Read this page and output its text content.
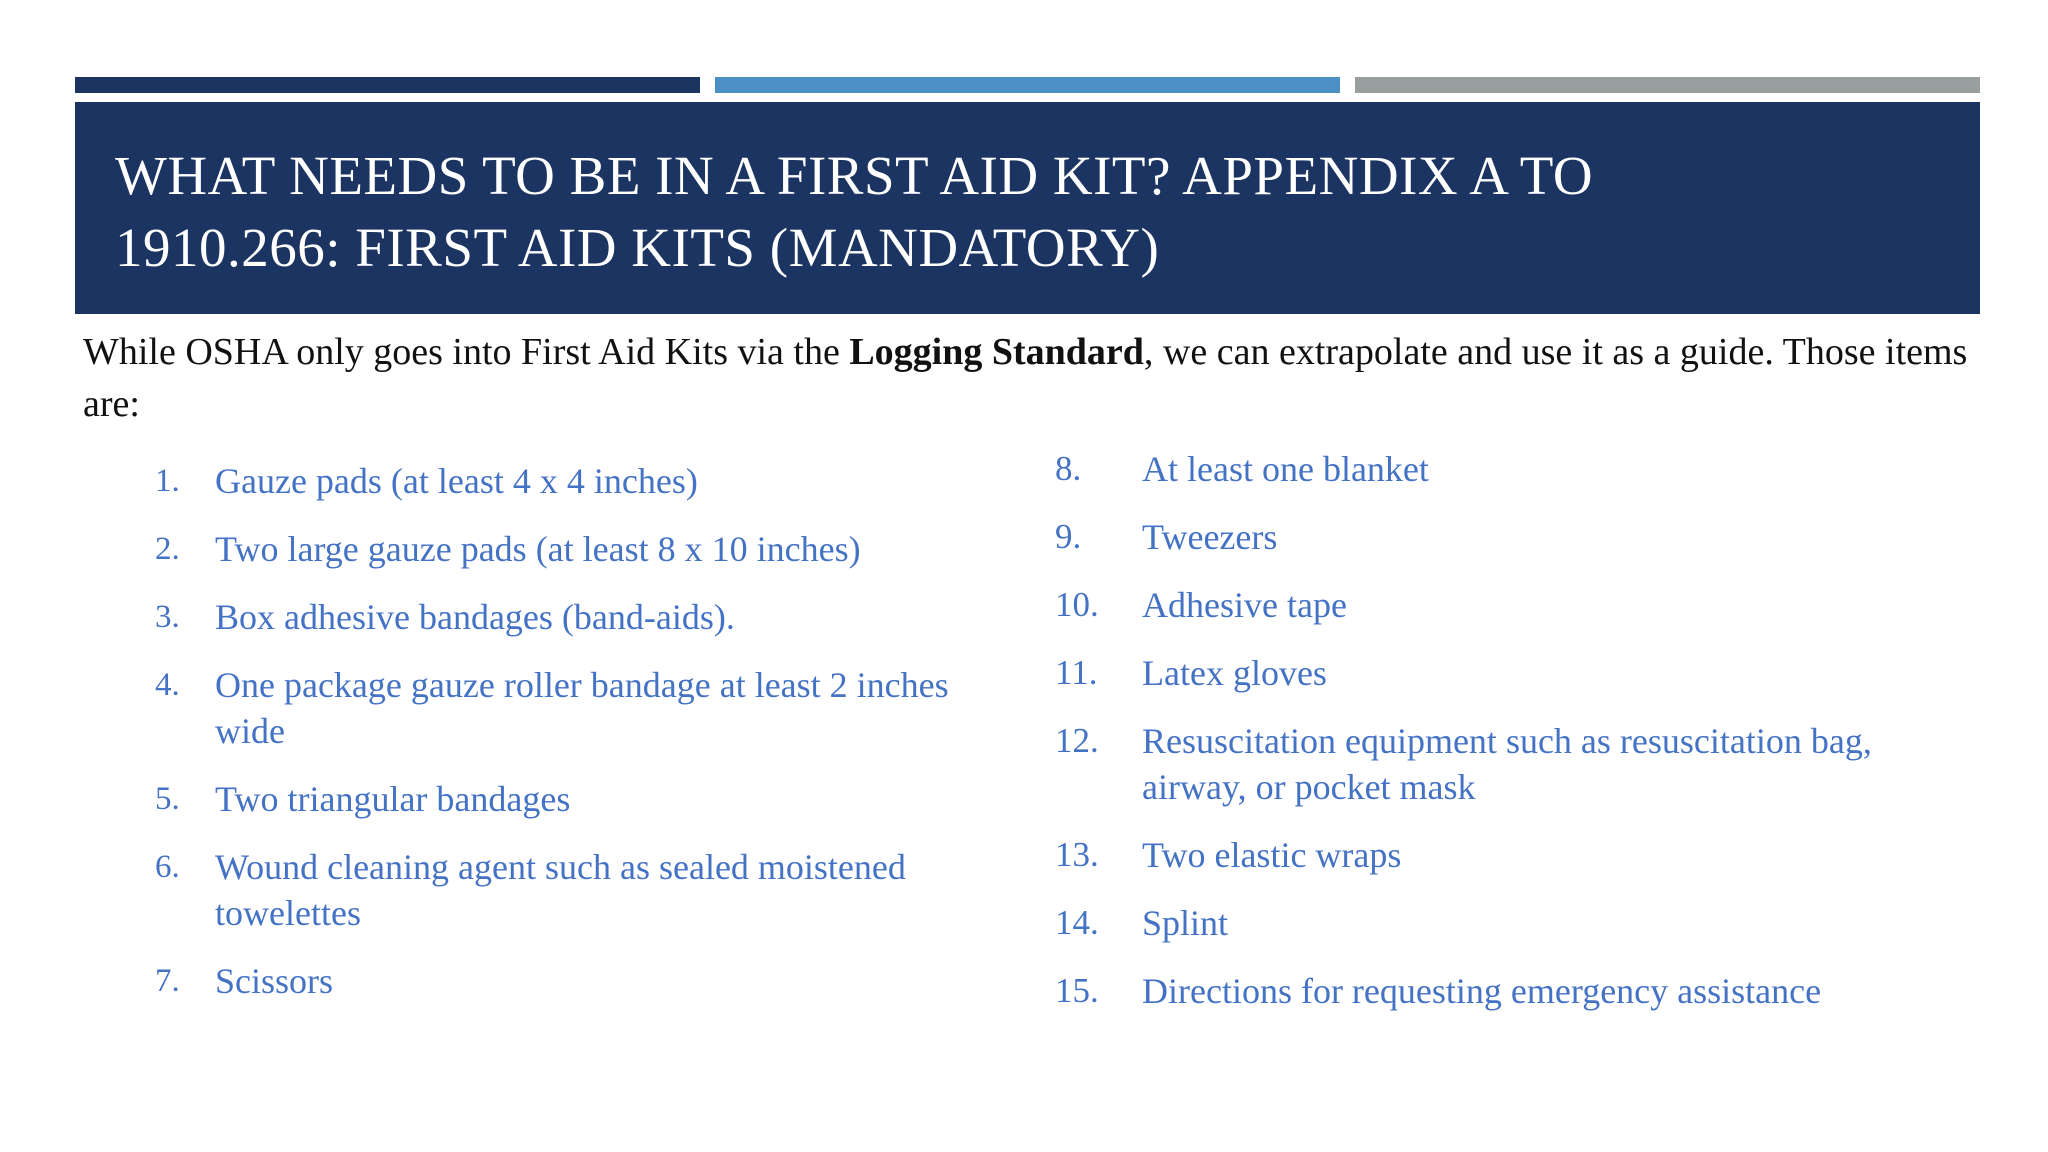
WHAT NEEDS TO BE IN A FIRST AID KIT? APPENDIX A TO
1910.266: FIRST AID KITS (MANDATORY)

While OSHA only goes into First Aid Kits via the Logging Standard, we can extrapolate and use it as a guide. Those items are:

1. Gauze pads (at least 4 x 4 inches)
2. Two large gauze pads (at least 8 x 10 inches)
3. Box adhesive bandages (band-aids).
4. One package gauze roller bandage at least 2 inches wide
5. Two triangular bandages
6. Wound cleaning agent such as sealed moistened towelettes
7. Scissors
8.	At least one blanket
9.	Tweezers
10.	Adhesive tape
11.	Latex gloves
12.	Resuscitation equipment such as resuscitation bag, airway, or pocket mask
13.	Two elastic wraps
14.	Splint
15.	Directions for requesting emergency assistance
